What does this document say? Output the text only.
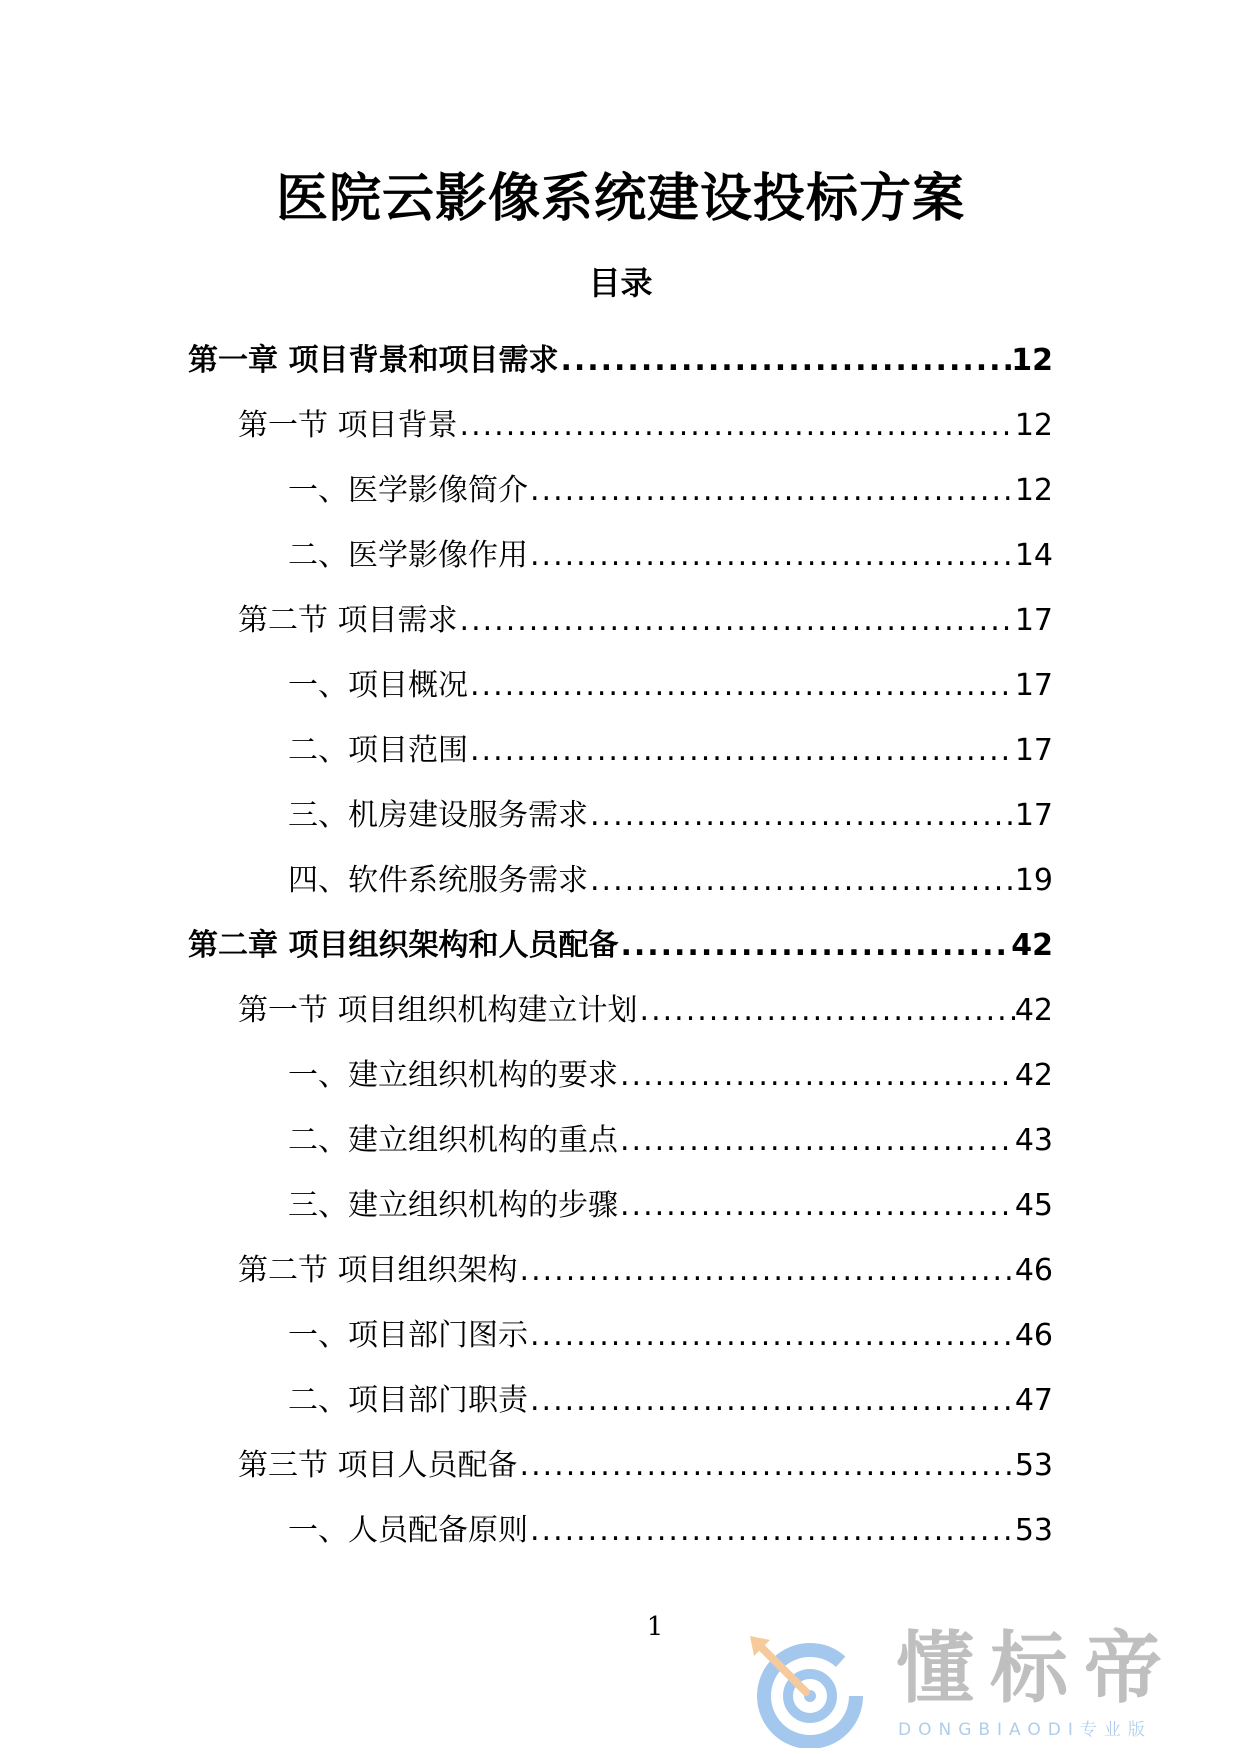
医院云影像系统建设投标方案
目录
第一章 项目背景和项目需求 .....	12
第一节 项目背景 .....	12
一、医学影像简介 .....	12
二、医学影像作用 .....	14
第二节 项目需求 .....	17
一、项目概况 .....	17
二、项目范围 .....	17
三、机房建设服务需求 .....	17
四、软件系统服务需求 .....	19
第二章 项目组织架构和人员配备 .....	42
第一节 项目组织机构建立计划 .....	42
一、建立组织机构的要求 .....	42
二、建立组织机构的重点 .....	43
三、建立组织机构的步骤 .....	45
第二节 项目组织架构 .....	46
一、项目部门图示 .....	46
二、项目部门职责 .....	47
第三节 项目人员配备 .....	53
一、人员配备原则 .....	53
1	懂标帝
DONGBIAODI专业版
